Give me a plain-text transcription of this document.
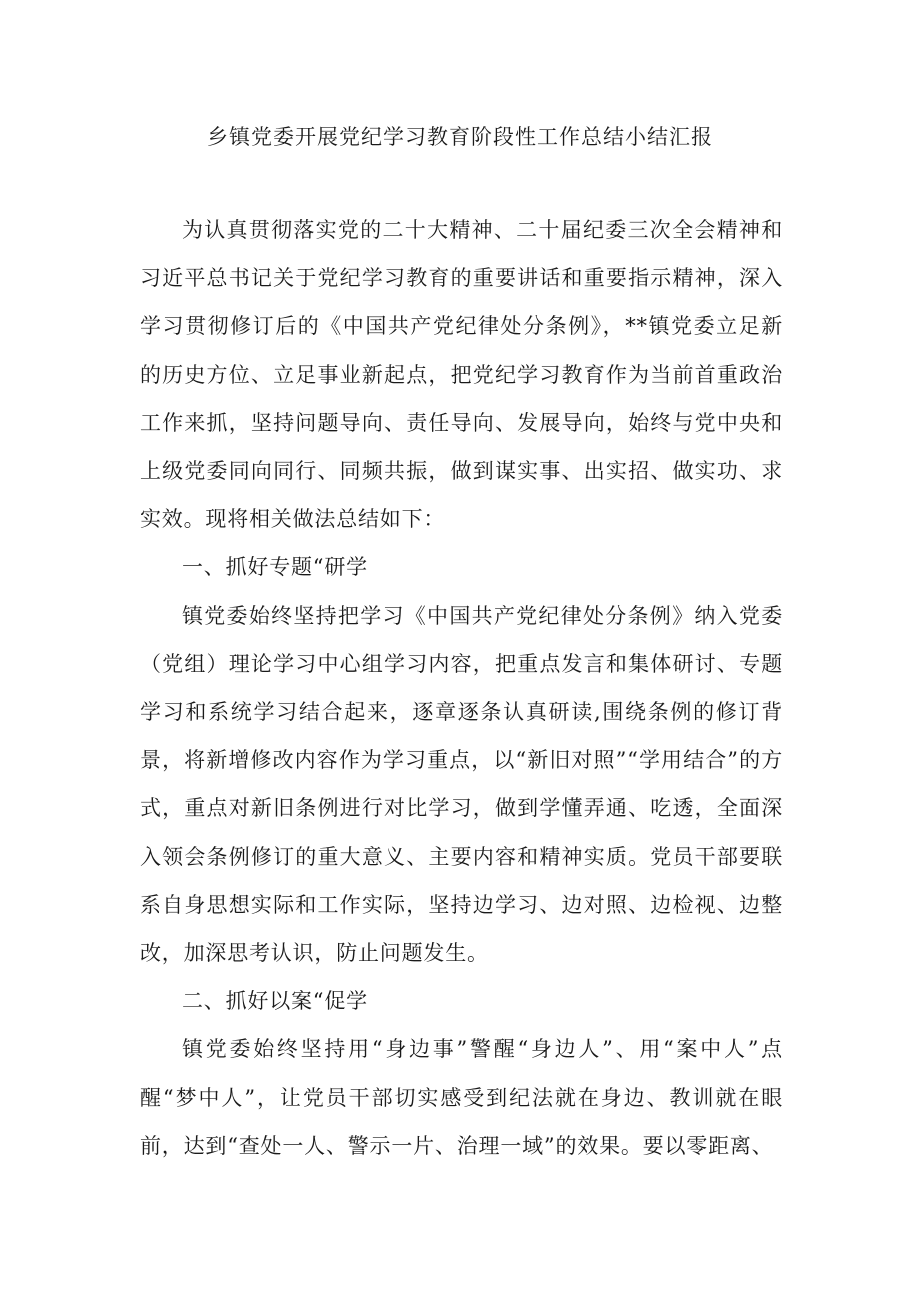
乡镇党委开展党纪学习教育阶段性工作总结小结汇报

为认真贯彻落实党的二十大精神、二十届纪委三次全会精神和习近平总书记关于党纪学习教育的重要讲话和重要指示精神，深入学习贯彻修订后的《中国共产党纪律处分条例》，**镇党委立足新的历史方位、立足事业新起点，把党纪学习教育作为当前首重政治工作来抓，坚持问题导向、责任导向、发展导向，始终与党中央和上级党委同向同行、同频共振，做到谋实事、出实招、做实功、求实效。现将相关做法总结如下：

一、抓好专题“研学

镇党委始终坚持把学习《中国共产党纪律处分条例》纳入党委（党组）理论学习中心组学习内容，把重点发言和集体研讨、专题学习和系统学习结合起来，逐章逐条认真研读,围绕条例的修订背景，将新增修改内容作为学习重点，以“新旧对照”“学用结合”的方式，重点对新旧条例进行对比学习，做到学懂弄通、吃透，全面深入领会条例修订的重大意义、主要内容和精神实质。党员干部要联系自身思想实际和工作实际，坚持边学习、边对照、边检视、边整改，加深思考认识，防止问题发生。

二、抓好以案“促学

镇党委始终坚持用“身边事”警醒“身边人”、用“案中人”点醒“梦中人”，让党员干部切实感受到纪法就在身边、教训就在眼前，达到“查处一人、警示一片、治理一域”的效果。要以零距离、
